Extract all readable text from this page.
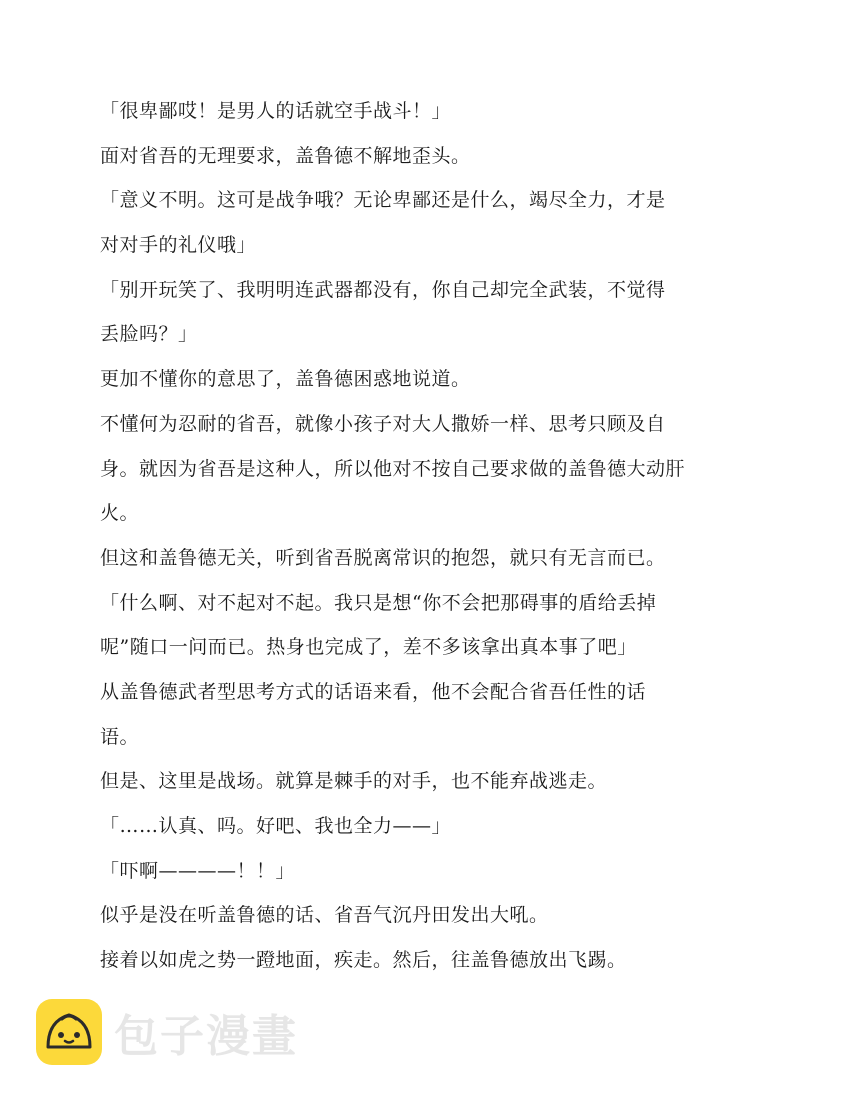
「很卑鄙哎！是男人的话就空手战斗！」
面对省吾的无理要求，盖鲁德不解地歪头。
「意义不明。这可是战争哦？无论卑鄙还是什么，竭尽全力，才是
对对手的礼仪哦」
「别开玩笑了、我明明连武器都没有，你自己却完全武装，不觉得
丢脸吗？」
更加不懂你的意思了，盖鲁德困惑地说道。
不懂何为忍耐的省吾，就像小孩子对大人撒娇一样、思考只顾及自
身。就因为省吾是这种人，所以他对不按自己要求做的盖鲁德大动肝
火。
但这和盖鲁德无关，听到省吾脱离常识的抱怨，就只有无言而已。
「什么啊、对不起对不起。我只是想“你不会把那碍事的盾给丢掉
呢”随口一问而已。热身也完成了，差不多该拿出真本事了吧」
从盖鲁德武者型思考方式的话语来看，他不会配合省吾任性的话
语。
但是、这里是战场。就算是棘手的对手，也不能弃战逃走。
「……认真、吗。好吧、我也全力——」
「吓啊————！！」
似乎是没在听盖鲁德的话、省吾气沉丹田发出大吼。
接着以如虎之势一蹬地面，疾走。然后，往盖鲁德放出飞踢。
包子漫畫
